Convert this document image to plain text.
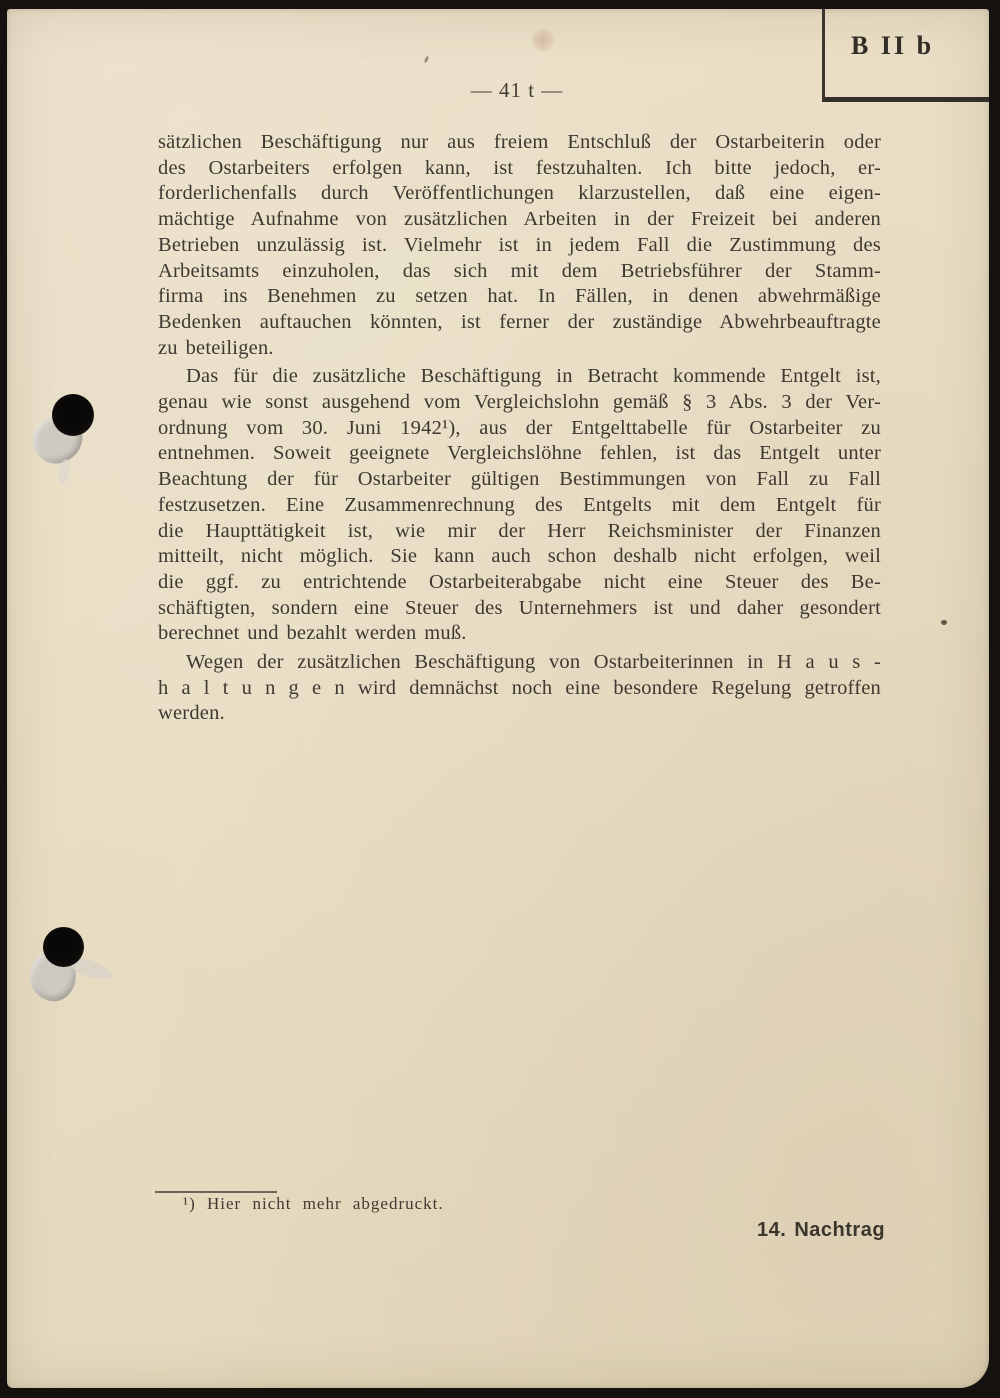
B II b
— 41 t —
sätzlichen Beschäftigung nur aus freiem Entschluß der Ostarbeiterin oder
des Ostarbeiters erfolgen kann, ist festzuhalten. Ich bitte jedoch, er-
forderlichenfalls durch Veröffentlichungen klarzustellen, daß eine eigen-
mächtige Aufnahme von zusätzlichen Arbeiten in der Freizeit bei anderen
Betrieben unzulässig ist. Vielmehr ist in jedem Fall die Zustimmung des
Arbeitsamts einzuholen, das sich mit dem Betriebsführer der Stamm-
firma ins Benehmen zu setzen hat. In Fällen, in denen abwehrmäßige
Bedenken auftauchen könnten, ist ferner der zuständige Abwehrbeauftragte
zu beteiligen.
Das für die zusätzliche Beschäftigung in Betracht kommende Entgelt ist,
genau wie sonst ausgehend vom Vergleichslohn gemäß § 3 Abs. 3 der Ver-
ordnung vom 30. Juni 1942¹), aus der Entgelttabelle für Ostarbeiter zu
entnehmen. Soweit geeignete Vergleichslöhne fehlen, ist das Entgelt unter
Beachtung der für Ostarbeiter gültigen Bestimmungen von Fall zu Fall
festzusetzen. Eine Zusammenrechnung des Entgelts mit dem Entgelt für
die Haupttätigkeit ist, wie mir der Herr Reichsminister der Finanzen
mitteilt, nicht möglich. Sie kann auch schon deshalb nicht erfolgen, weil
die ggf. zu entrichtende Ostarbeiterabgabe nicht eine Steuer des Be-
schäftigten, sondern eine Steuer des Unternehmers ist und daher gesondert
berechnet und bezahlt werden muß.
Wegen der zusätzlichen Beschäftigung von Ostarbeiterinnen in H a u s -
h a l t u n g e n wird demnächst noch eine besondere Regelung getroffen
werden.
¹) Hier nicht mehr abgedruckt.
14. Nachtrag
